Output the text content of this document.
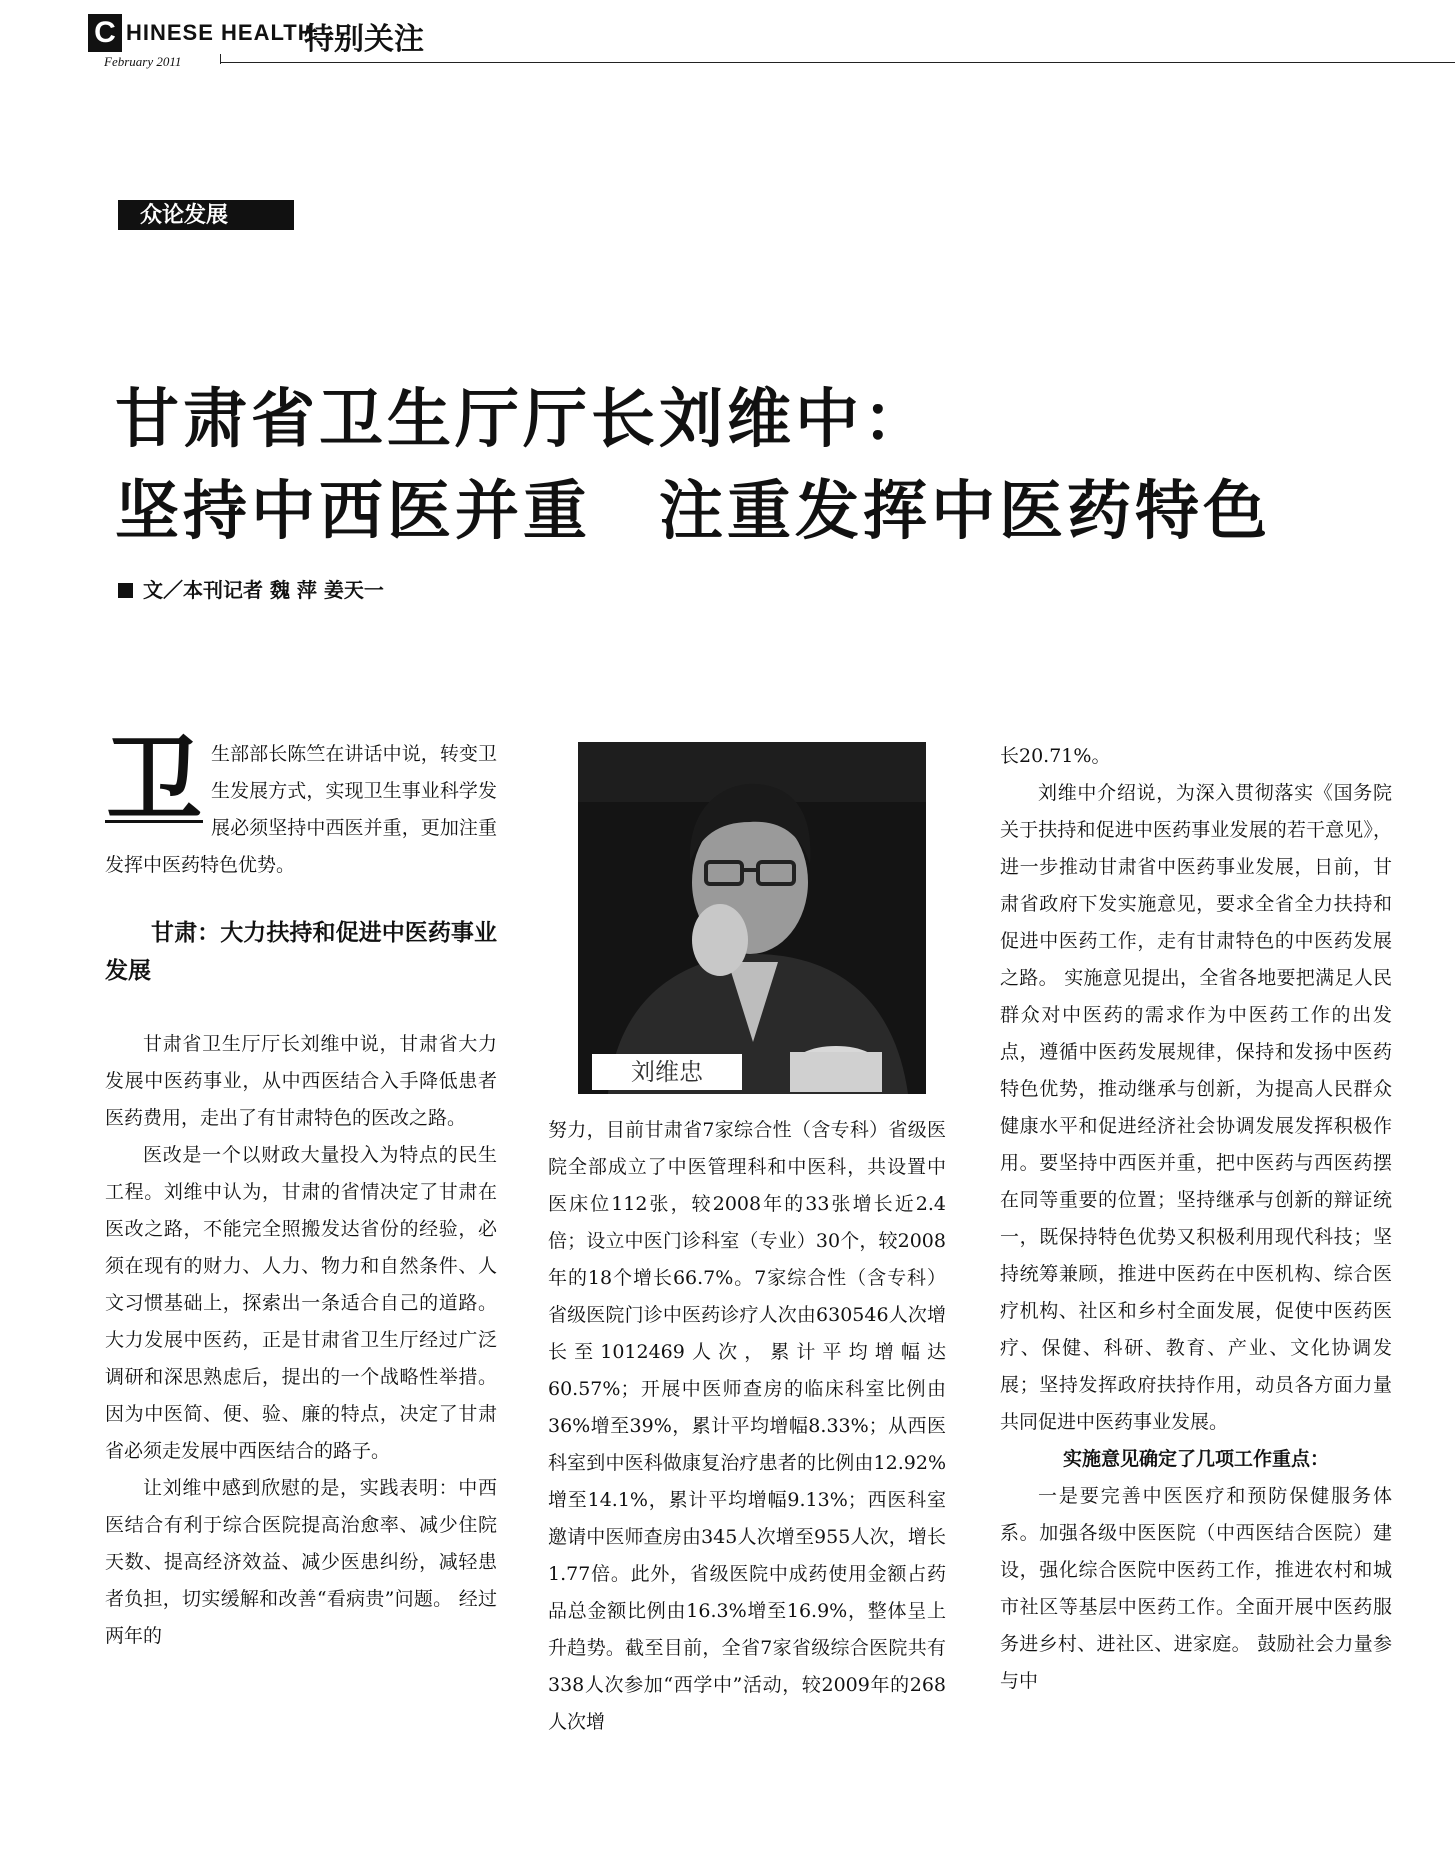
C HINESE HEALTH
特别关注
February 2011
众论发展
甘肃省卫生厅厅长刘维中：
坚持中西医并重　注重发挥中医药特色
文／本刊记者 魏 萍 姜天一
卫 生部部长陈竺在讲话中说，转变卫生发展方式，实现卫生事业科学发展必须坚持中西医并重，更加注重发挥中医药特色优势。

甘肃：大力扶持和促进中医药事业发展

甘肃省卫生厅厅长刘维中说，甘肃省大力发展中医药事业，从中西医结合入手降低患者医药费用，走出了有甘肃特色的医改之路。

医改是一个以财政大量投入为特点的民生工程。刘维中认为，甘肃的省情决定了甘肃在医改之路，不能完全照搬发达省份的经验，必须在现有的财力、人力、物力和自然条件、人文习惯基础上，探索出一条适合自己的道路。大力发展中医药，正是甘肃省卫生厅经过广泛调研和深思熟虑后，提出的一个战略性举措。因为中医简、便、验、廉的特点，决定了甘肃省必须走发展中西医结合的路子。

让刘维中感到欣慰的是，实践表明：中西医结合有利于综合医院提高治愈率、减少住院天数、提高经济效益、减少医患纠纷，减轻患者负担，切实缓解和改善“看病贵”问题。 经过两年的

刘维忠

努力，目前甘肃省7家综合性（含专科）省级医院全部成立了中医管理科和中医科，共设置中医床位112张，较2008年的33张增长近2.4倍；设立中医门诊科室（专业）30个，较2008年的18个增长66.7%。7家综合性（含专科）省级医院门诊中医药诊疗人次由630546人次增长至1012469人次，累计平均增幅达60.57%；开展中医师查房的临床科室比例由36%增至39%，累计平均增幅8.33%；从西医科室到中医科做康复治疗患者的比例由12.92%增至14.1%，累计平均增幅9.13%；西医科室邀请中医师查房由345人次增至955人次，增长1.77倍。此外，省级医院中成药使用金额占药品总金额比例由16.3%增至16.9%，整体呈上升趋势。截至目前，全省7家省级综合医院共有338人次参加“西学中”活动，较2009年的268人次增

长20.71%。

刘维中介绍说，为深入贯彻落实《国务院关于扶持和促进中医药事业发展的若干意见》，进一步推动甘肃省中医药事业发展，日前，甘肃省政府下发实施意见，要求全省全力扶持和促进中医药工作，走有甘肃特色的中医药发展之路。 实施意见提出，全省各地要把满足人民群众对中医药的需求作为中医药工作的出发点，遵循中医药发展规律，保持和发扬中医药特色优势，推动继承与创新，为提高人民群众健康水平和促进经济社会协调发展发挥积极作用。要坚持中西医并重，把中医药与西医药摆在同等重要的位置；坚持继承与创新的辩证统一，既保持特色优势又积极利用现代科技；坚持统筹兼顾，推进中医药在中医机构、综合医疗机构、社区和乡村全面发展，促使中医药医疗、保健、科研、教育、产业、文化协调发展；坚持发挥政府扶持作用，动员各方面力量共同促进中医药事业发展。

实施意见确定了几项工作重点：

一是要完善中医医疗和预防保健服务体系。加强各级中医医院（中西医结合医院）建设，强化综合医院中医药工作，推进农村和城市社区等基层中医药工作。全面开展中医药服务进乡村、进社区、进家庭。 鼓励社会力量参与中
